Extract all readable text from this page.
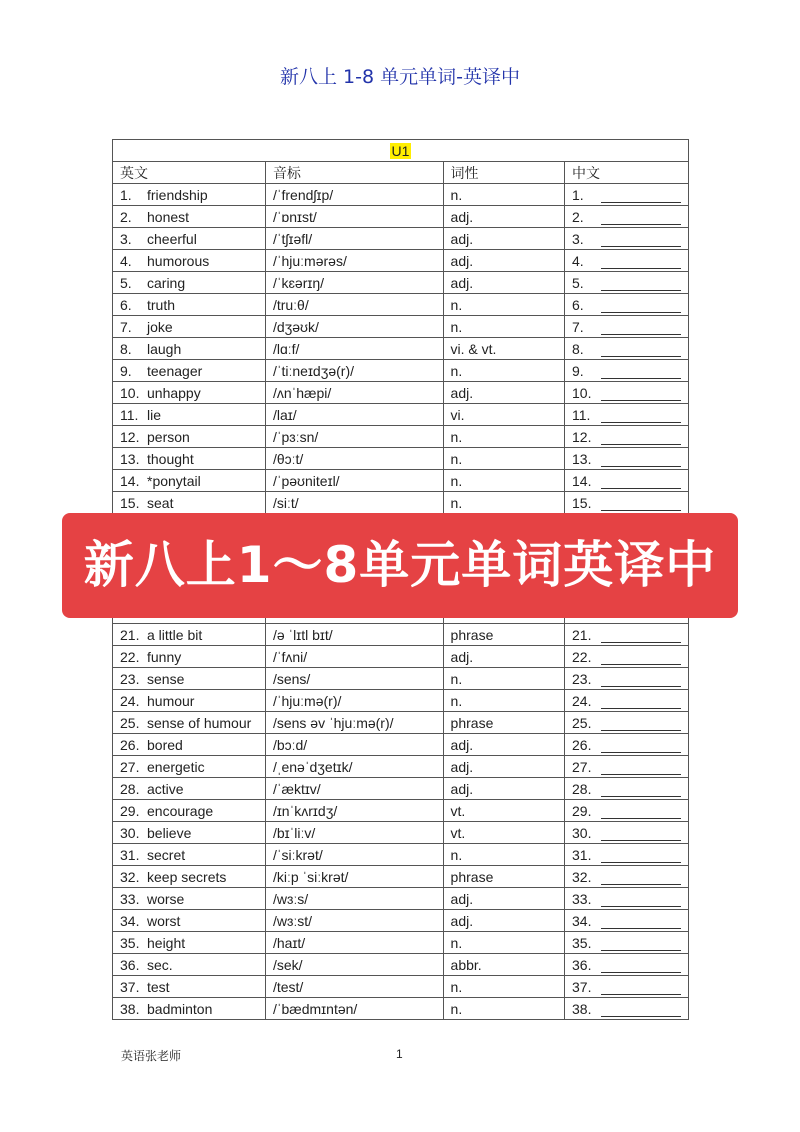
新八上 1-8 单元单词-英译中
U1			
英文	音标	词性	中文
1. friendship	/ˈfrendʃɪp/	n.	1.
2. honest	/ˈɒnɪst/	adj.	2.
3. cheerful	/ˈtʃɪəfl/	adj.	3.
4. humorous	/ˈhjuːmərəs/	adj.	4.
5. caring	/ˈkɛərɪŋ/	adj.	5.
6. truth	/truːθ/	n.	6.
7. joke	/dʒəʊk/	n.	7.
8. laugh	/lɑːf/	vi. & vt.	8.
9. teenager	/ˈtiːneɪdʒə(r)/	n.	9.
10. unhappy	/ʌnˈhæpi/	adj.	10.
11. lie	/laɪ/	vi.	11.
12. person	/ˈpɜːsn/	n.	12.
13. thought	/θɔːt/	n.	13.
14. *ponytail	/ˈpəʊniteɪl/	n.	14.
15. seat	/siːt/	n.	15.

21. a little bit	/ə ˈlɪtl bɪt/	phrase	21.
22. funny	/ˈfʌni/	adj.	22.
23. sense	/sens/	n.	23.
24. humour	/ˈhjuːmə(r)/	n.	24.
25. sense of humour	/sens əv ˈhjuːmə(r)/	phrase	25.
26. bored	/bɔːd/	adj.	26.
27. energetic	/ˌenəˈdʒetɪk/	adj.	27.
28. active	/ˈæktɪv/	adj.	28.
29. encourage	/ɪnˈkʌrɪdʒ/	vt.	29.
30. believe	/bɪˈliːv/	vt.	30.
31. secret	/ˈsiːkrət/	n.	31.
32. keep secrets	/kiːp ˈsiːkrət/	phrase	32.
33. worse	/wɜːs/	adj.	33.
34. worst	/wɜːst/	adj.	34.
35. height	/haɪt/	n.	35.
36. sec.	/sek/	abbr.	36.
37. test	/test/	n.	37.
38. badminton	/ˈbædmɪntən/	n.	38.
新八上1～8单元单词英译中
英语张老师	1
